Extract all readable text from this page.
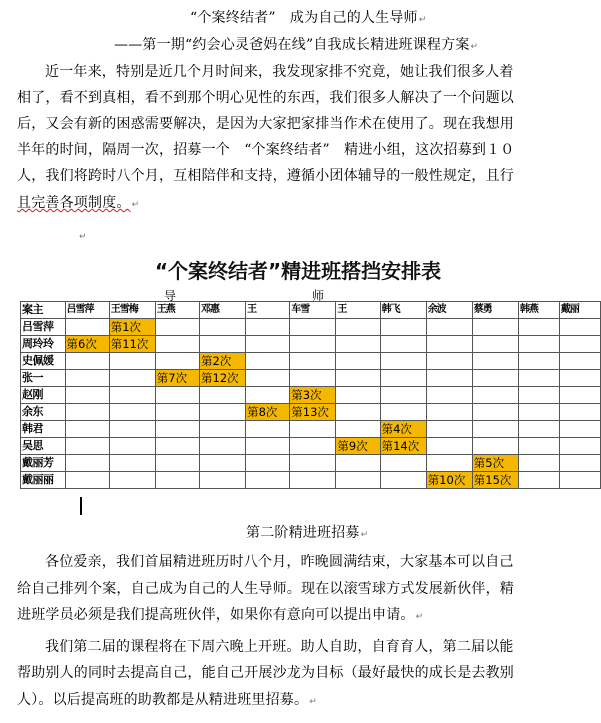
“个案终结者”　成为自己的人生导师↵
——第一期“约会心灵爸妈在线”自我成长精进班课程方案↵
近一年来，特别是近几个月时间来，我发现家排不究竟，她让我们很多人着
相了，看不到真相，看不到那个明心见性的东西，我们很多人解决了一个问题以
后，又会有新的困惑需要解决，是因为大家把家排当作术在使用了。现在我想用
半年的时间，隔周一次，招募一个　“个案终结者”　精进小组，这次招募到１０
人，我们将跨时八个月，互相陪伴和支持，遵循小团体辅导的一般性规定，且行
且完善各项制度。↵
↵
“个案终结者”精进班搭挡安排表
导	师
案主	吕雪萍	王雪梅	王燕	邓惠	王	车雪	王	韩飞	余波	蔡勇	韩燕	戴丽
吕雪萍		第1次										
周玲玲	第6次	第11次										
史佩媛				第2次								
张一			第7次	第12次								
赵刚						第3次						
余东					第8次	第13次						
韩君								第4次				
吴思							第9次	第14次				
戴丽芳										第5次		
戴丽丽									第10次	第15次		
第二阶精进班招募↵
各位爱亲，我们首届精进班历时八个月，昨晚圆满结束，大家基本可以自己
给自己排列个案，自己成为自己的人生导师。现在以滚雪球方式发展新伙伴，精
进班学员必须是我们提高班伙伴，如果你有意向可以提出申请。↵
我们第二届的课程将在下周六晚上开班。助人自助，自育育人，第二届以能
帮助别人的同时去提高自己，能自己开展沙龙为目标（最好最快的成长是去教别
人）。以后提高班的助教都是从精进班里招募。↵
